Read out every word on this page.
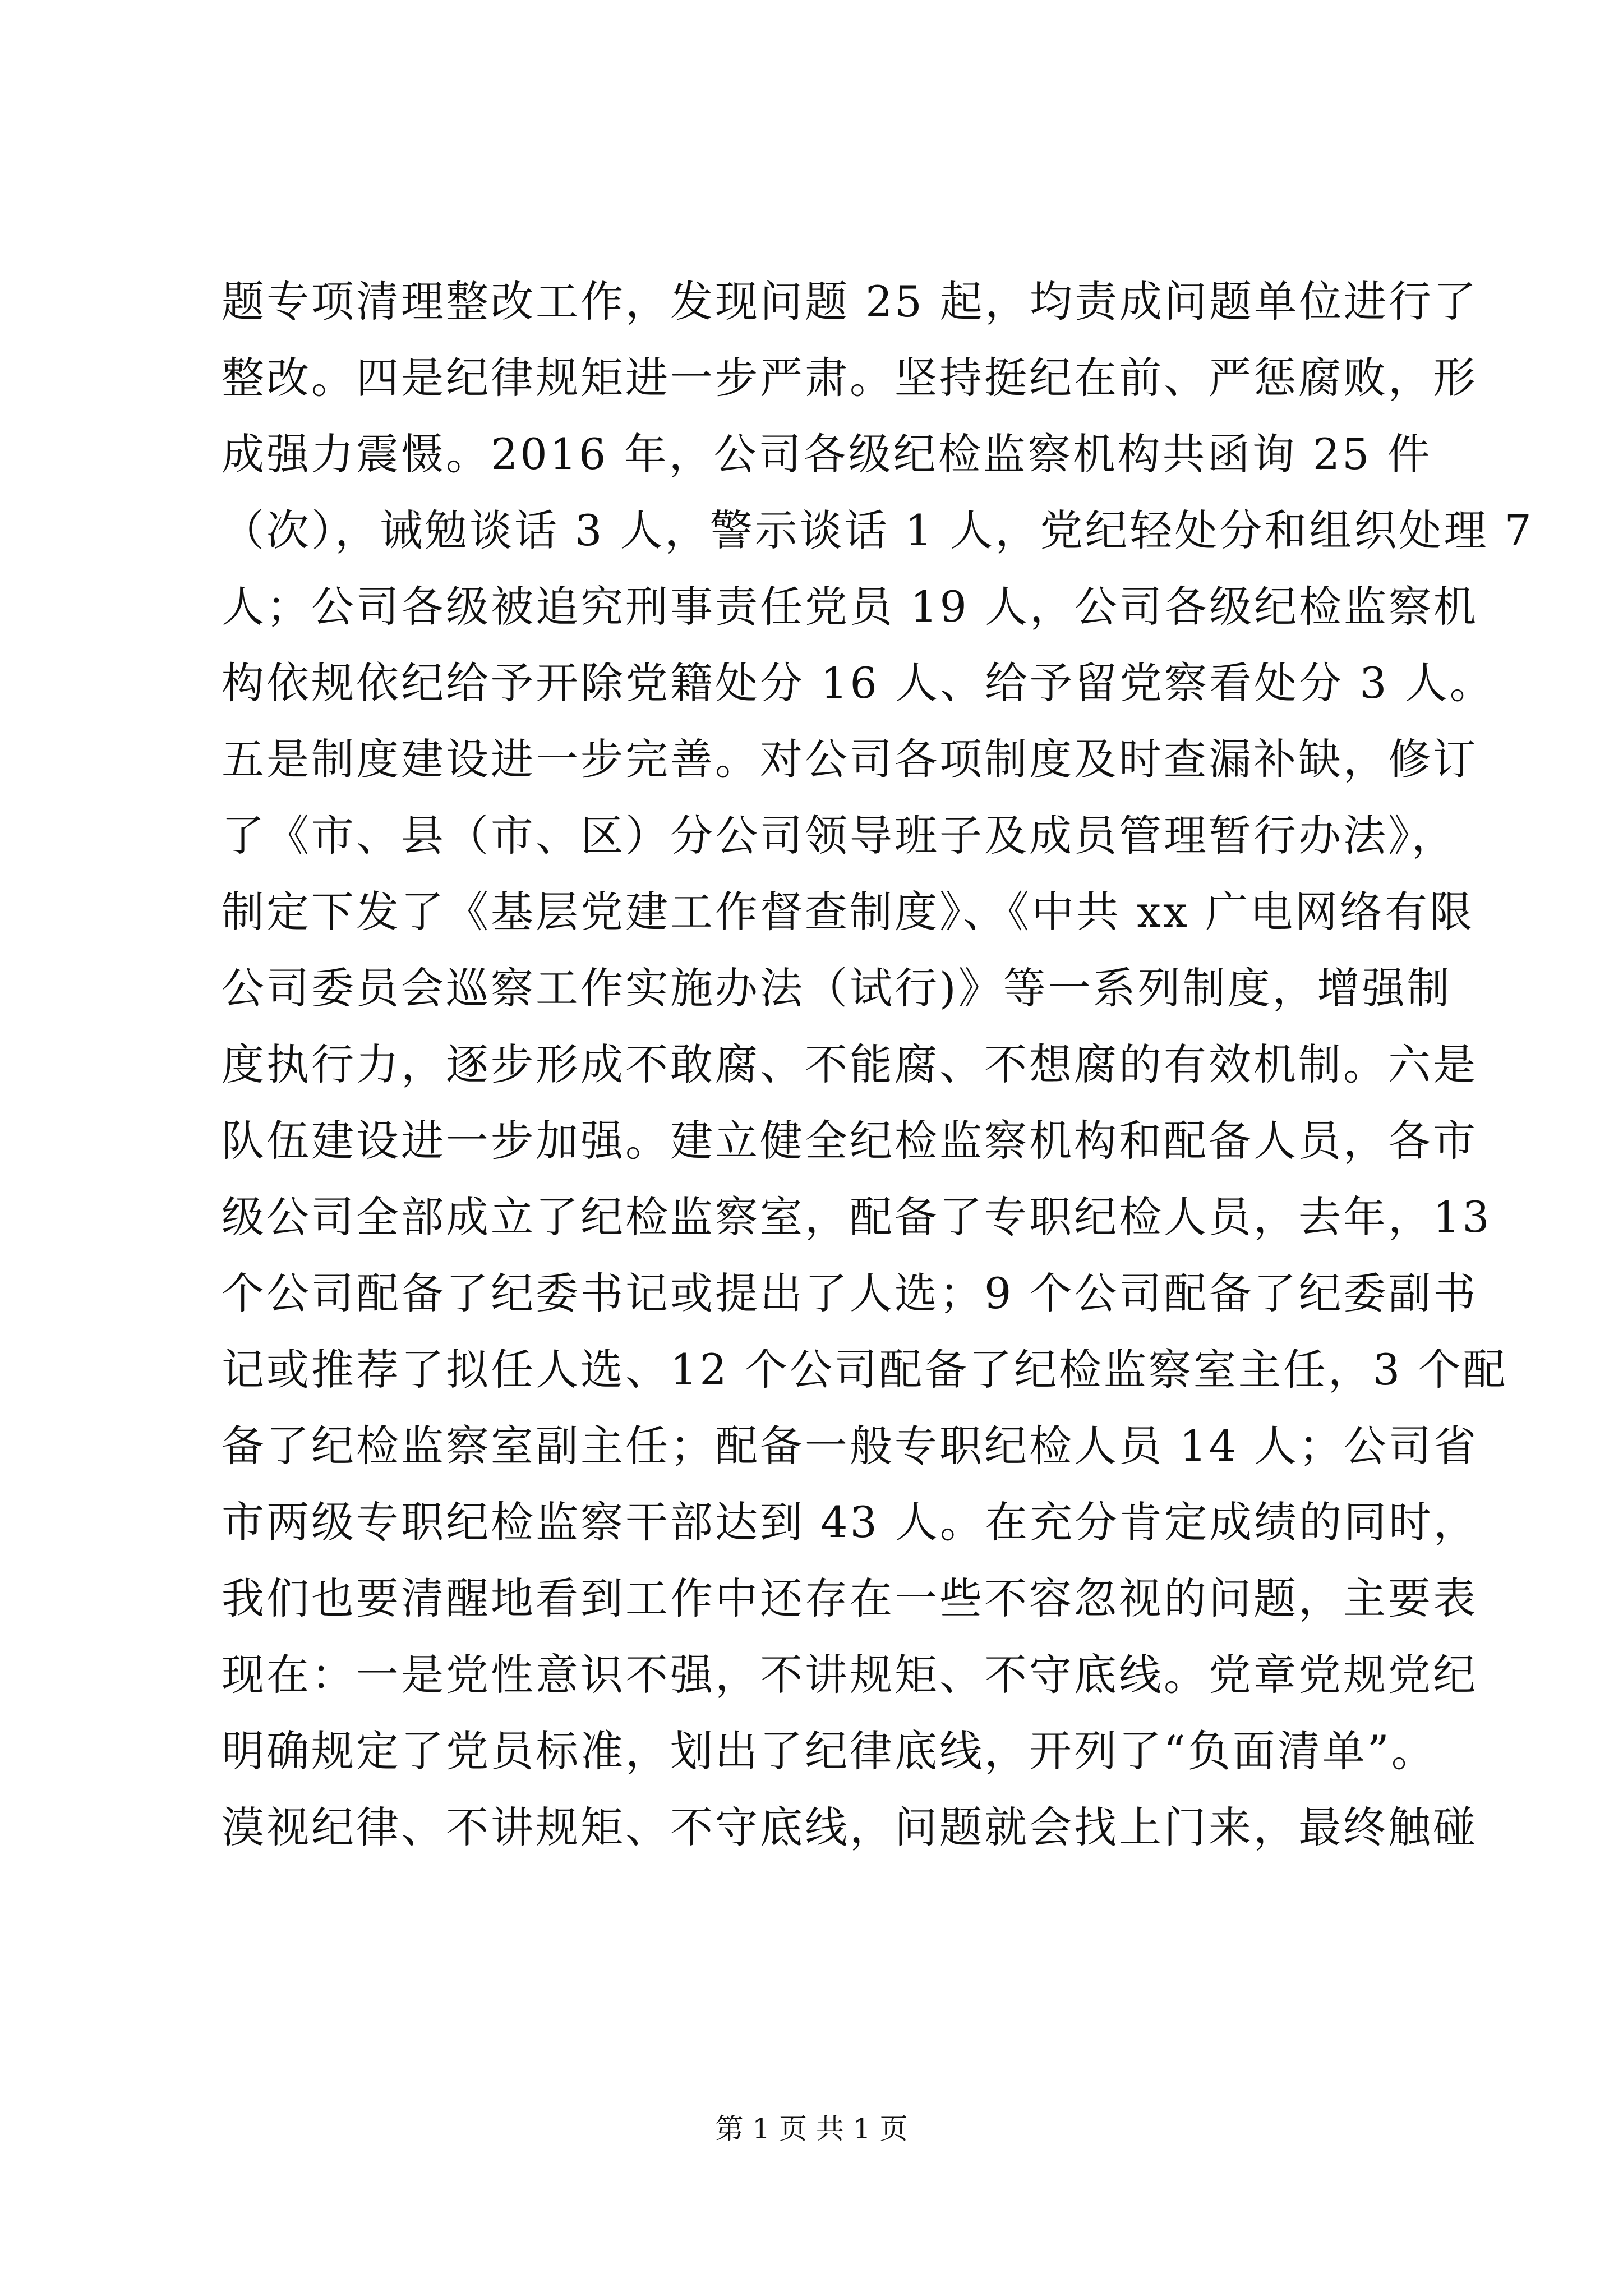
题专项清理整改工作，发现问题 25 起，均责成问题单位进行了
整改。四是纪律规矩进一步严肃。坚持挺纪在前、严惩腐败，形
成强力震慑。2016 年，公司各级纪检监察机构共函询 25 件
（次），诫勉谈话 3 人，警示谈话 1 人，党纪轻处分和组织处理 7
人；公司各级被追究刑事责任党员 19 人，公司各级纪检监察机
构依规依纪给予开除党籍处分 16 人、给予留党察看处分 3 人。
五是制度建设进一步完善。对公司各项制度及时查漏补缺，修订
了《市、县（市、区）分公司领导班子及成员管理暂行办法》，
制定下发了《基层党建工作督查制度》、《中共 xx 广电网络有限
公司委员会巡察工作实施办法（试行)》等一系列制度，增强制
度执行力，逐步形成不敢腐、不能腐、不想腐的有效机制。六是
队伍建设进一步加强。建立健全纪检监察机构和配备人员，各市
级公司全部成立了纪检监察室，配备了专职纪检人员，去年，13
个公司配备了纪委书记或提出了人选；9 个公司配备了纪委副书
记或推荐了拟任人选、12 个公司配备了纪检监察室主任，3 个配
备了纪检监察室副主任；配备一般专职纪检人员 14 人；公司省
市两级专职纪检监察干部达到 43 人。在充分肯定成绩的同时，
我们也要清醒地看到工作中还存在一些不容忽视的问题，主要表
现在：一是党性意识不强，不讲规矩、不守底线。党章党规党纪
明确规定了党员标准，划出了纪律底线，开列了“负面清单”。
漠视纪律、不讲规矩、不守底线，问题就会找上门来，最终触碰
第 1 页 共 1 页
